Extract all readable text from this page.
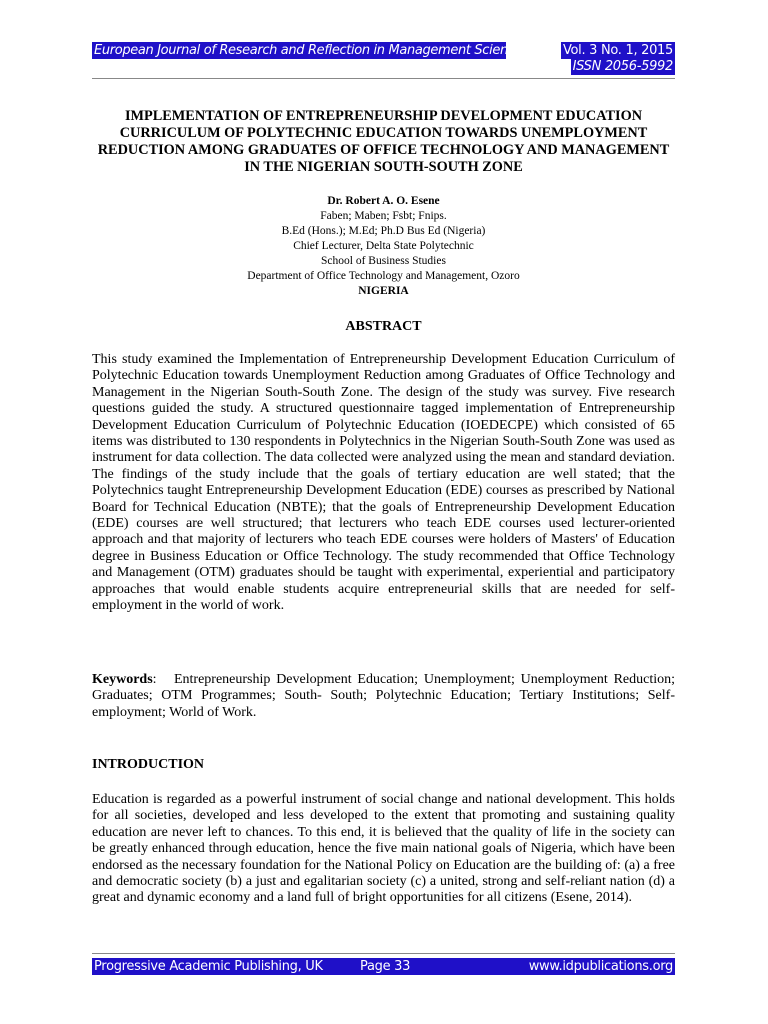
European Journal of Research and Reflection in Management Sciences	Vol. 3 No. 1, 2015
ISSN 2056-5992
IMPLEMENTATION OF ENTREPRENEURSHIP DEVELOPMENT EDUCATION CURRICULUM OF POLYTECHNIC EDUCATION TOWARDS UNEMPLOYMENT REDUCTION AMONG GRADUATES OF OFFICE TECHNOLOGY AND MANAGEMENT IN THE NIGERIAN SOUTH-SOUTH ZONE
Dr. Robert A. O. Esene
Faben; Maben; Fsbt; Fnips.
B.Ed (Hons.); M.Ed; Ph.D Bus Ed (Nigeria)
Chief Lecturer, Delta State Polytechnic
School of Business Studies
Department of Office Technology and Management, Ozoro
NIGERIA
ABSTRACT
This study examined the Implementation of Entrepreneurship Development Education Curriculum of Polytechnic Education towards Unemployment Reduction among Graduates of Office Technology and Management in the Nigerian South-South Zone. The design of the study was survey. Five research questions guided the study. A structured questionnaire tagged implementation of Entrepreneurship Development Education Curriculum of Polytechnic Education (IOEDECPE) which consisted of 65 items was distributed to 130 respondents in Polytechnics in the Nigerian South-South Zone was used as instrument for data collection. The data collected were analyzed using the mean and standard deviation. The findings of the study include that the goals of tertiary education are well stated; that the Polytechnics taught Entrepreneurship Development Education (EDE) courses as prescribed by National Board for Technical Education (NBTE); that the goals of Entrepreneurship Development Education (EDE) courses are well structured; that lecturers who teach EDE courses used lecturer-oriented approach and that majority of lecturers who teach EDE courses were holders of Masters' of Education degree in Business Education or Office Technology. The study recommended that Office Technology and Management (OTM) graduates should be taught with experimental, experiential and participatory approaches that would enable students acquire entrepreneurial skills that are needed for self-employment in the world of work.
Keywords:   Entrepreneurship Development Education; Unemployment; Unemployment Reduction; Graduates; OTM Programmes; South- South; Polytechnic Education; Tertiary Institutions; Self-employment; World of Work.
INTRODUCTION
Education is regarded as a powerful instrument of social change and national development. This holds for all societies, developed and less developed to the extent that promoting and sustaining quality education are never left to chances. To this end, it is believed that the quality of life in the society can be greatly enhanced through education, hence the five main national goals of Nigeria, which have been endorsed as the necessary foundation for the National Policy on Education are the building of: (a) a free and democratic society (b) a just and egalitarian society (c) a united, strong and self-reliant nation (d) a great and dynamic economy and a land full of bright opportunities for all citizens (Esene, 2014).
Progressive Academic Publishing, UK	Page 33	www.idpublications.org
